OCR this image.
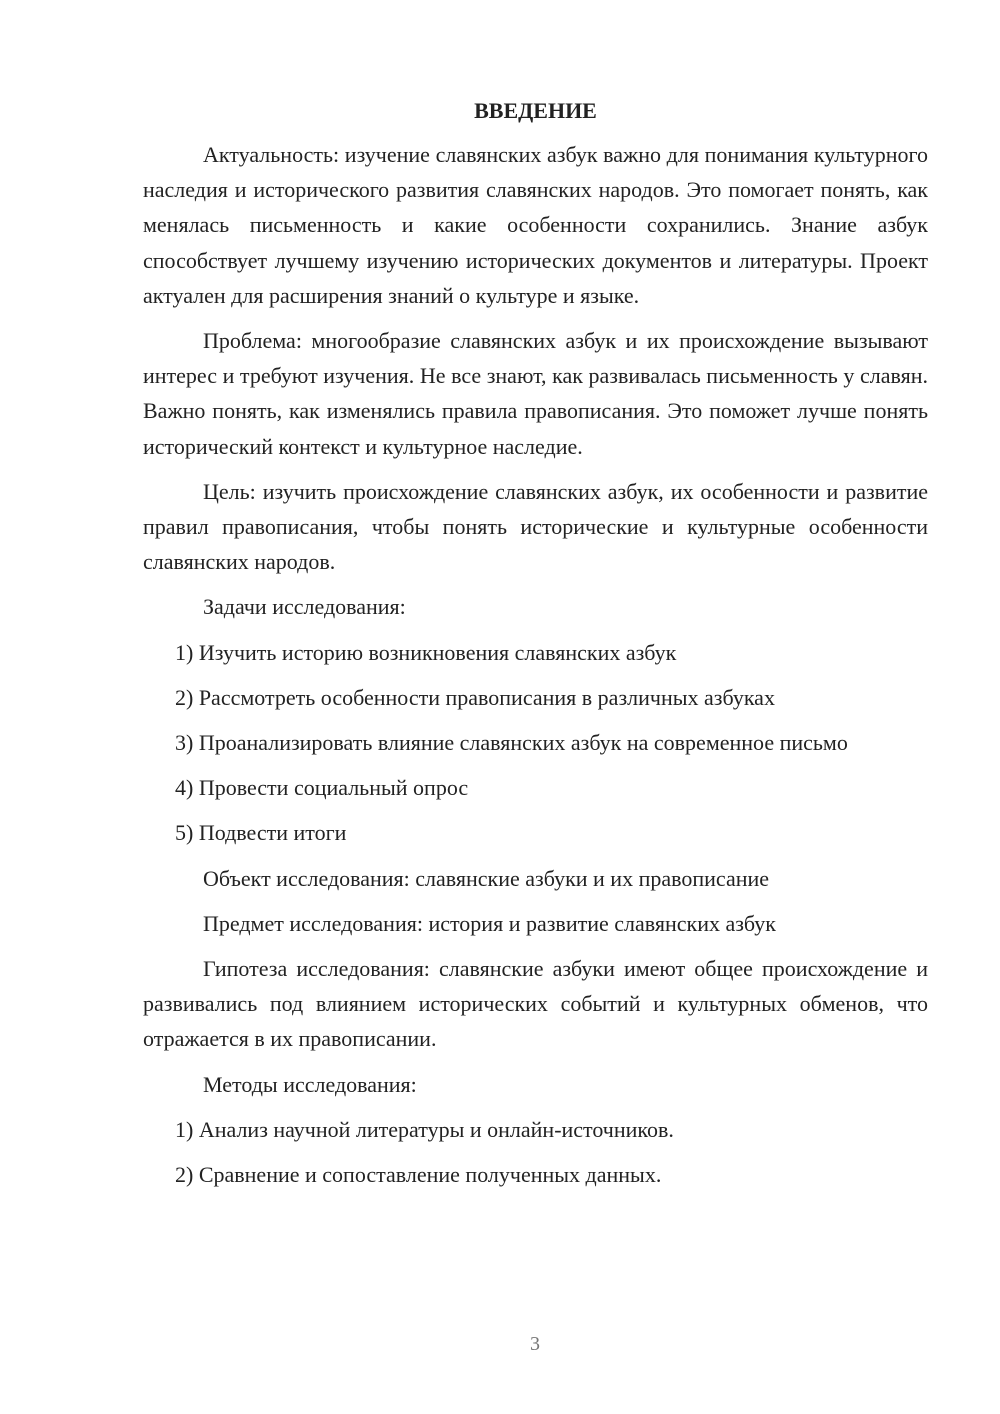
ВВЕДЕНИЕ

Актуальность: изучение славянских азбук важно для понимания культурного наследия и исторического развития славянских народов. Это помогает понять, как менялась письменность и какие особенности сохранились. Знание азбук способствует лучшему изучению исторических документов и литературы. Проект актуален для расширения знаний о культуре и языке.

Проблема: многообразие славянских азбук и их происхождение вызывают интерес и требуют изучения. Не все знают, как развивалась письменность у славян. Важно понять, как изменялись правила правописания. Это поможет лучше понять исторический контекст и культурное наследие.

Цель: изучить происхождение славянских азбук, их особенности и развитие правил правописания, чтобы понять исторические и культурные особенности славянских народов.

Задачи исследования:

1) Изучить историю возникновения славянских азбук

2) Рассмотреть особенности правописания в различных азбуках

3) Проанализировать влияние славянских азбук на современное письмо

4) Провести социальный опрос

5) Подвести итоги

Объект исследования: славянские азбуки и их правописание

Предмет исследования: история и развитие славянских азбук

Гипотеза исследования: славянские азбуки имеют общее происхождение и развивались под влиянием исторических событий и культурных обменов, что отражается в их правописании.

Методы исследования:

1) Анализ научной литературы и онлайн-источников.

2) Сравнение и сопоставление полученных данных.

3
